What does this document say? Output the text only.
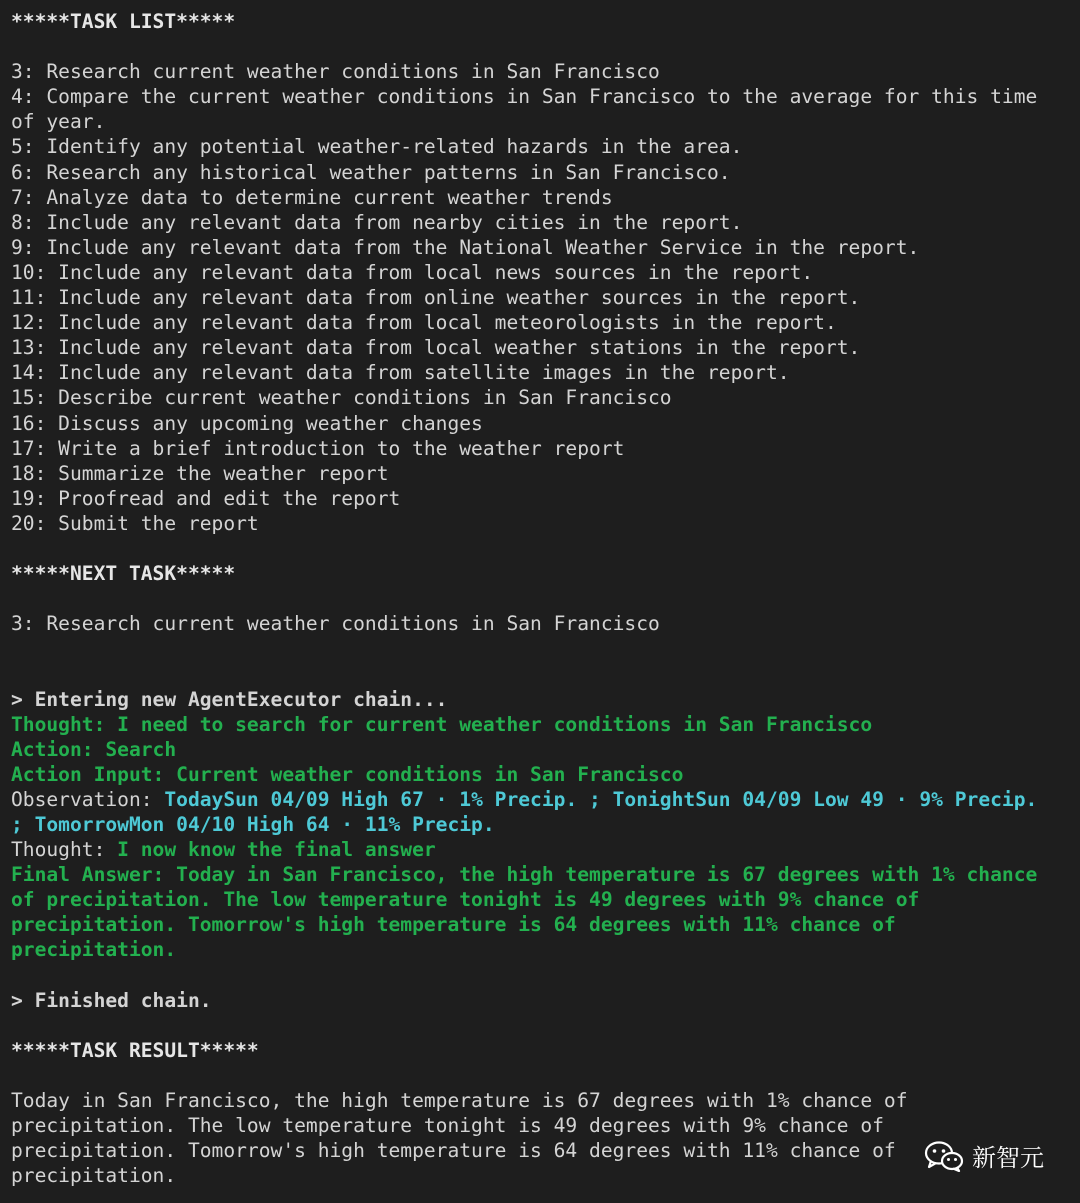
*****TASK LIST*****
3: Research current weather conditions in San Francisco
4: Compare the current weather conditions in San Francisco to the average for this time
of year.
5: Identify any potential weather-related hazards in the area.
6: Research any historical weather patterns in San Francisco.
7: Analyze data to determine current weather trends
8: Include any relevant data from nearby cities in the report.
9: Include any relevant data from the National Weather Service in the report.
10: Include any relevant data from local news sources in the report.
11: Include any relevant data from online weather sources in the report.
12: Include any relevant data from local meteorologists in the report.
13: Include any relevant data from local weather stations in the report.
14: Include any relevant data from satellite images in the report.
15: Describe current weather conditions in San Francisco
16: Discuss any upcoming weather changes
17: Write a brief introduction to the weather report
18: Summarize the weather report
19: Proofread and edit the report
20: Submit the report
*****NEXT TASK*****
3: Research current weather conditions in San Francisco
> Entering new AgentExecutor chain...
Thought: I need to search for current weather conditions in San Francisco
Action: Search
Action Input: Current weather conditions in San Francisco
Observation: TodaySun 04/09 High 67 · 1% Precip. ; TonightSun 04/09 Low 49 · 9% Precip.
; TomorrowMon 04/10 High 64 · 11% Precip.
Thought: I now know the final answer
Final Answer: Today in San Francisco, the high temperature is 67 degrees with 1% chance
of precipitation. The low temperature tonight is 49 degrees with 9% chance of
precipitation. Tomorrow's high temperature is 64 degrees with 11% chance of
precipitation.
> Finished chain.
*****TASK RESULT*****
Today in San Francisco, the high temperature is 67 degrees with 1% chance of
precipitation. The low temperature tonight is 49 degrees with 9% chance of
precipitation. Tomorrow's high temperature is 64 degrees with 11% chance of
precipitation.
新智元
